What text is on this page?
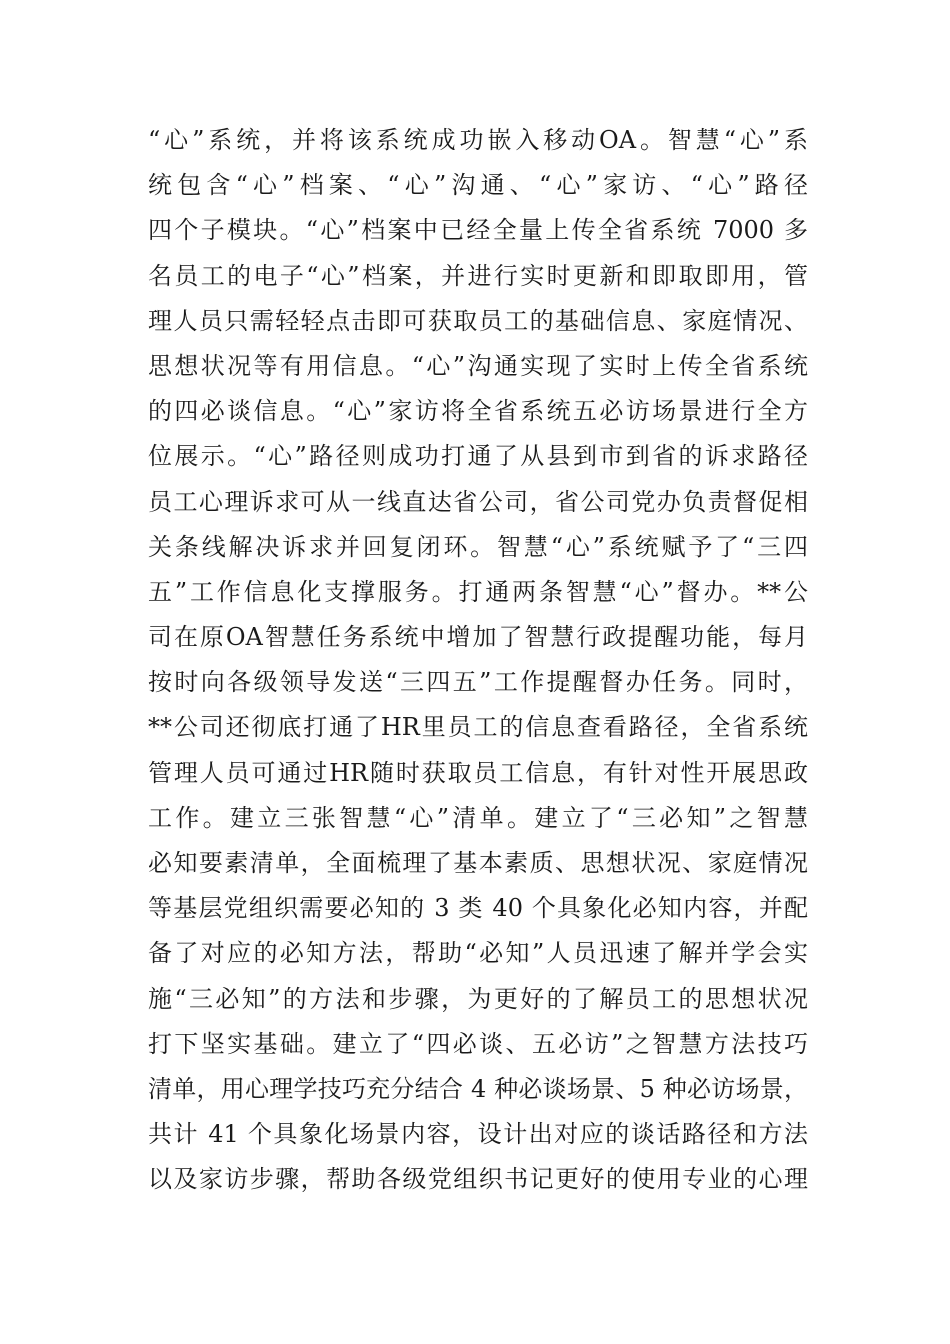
“心”系统，并将该系统成功嵌入移动OA。智慧“心”系
统包含“心”档案、“心”沟通、“心”家访、“心”路径
四个子模块。“心”档案中已经全量上传全省系统 7000 多
名员工的电子“心”档案，并进行实时更新和即取即用，管
理人员只需轻轻点击即可获取员工的基础信息、家庭情况、
思想状况等有用信息。“心”沟通实现了实时上传全省系统
的四必谈信息。“心”家访将全省系统五必访场景进行全方
位展示。“心”路径则成功打通了从县到市到省的诉求路径
员工心理诉求可从一线直达省公司，省公司党办负责督促相
关条线解决诉求并回复闭环。智慧“心”系统赋予了“三四
五”工作信息化支撑服务。打通两条智慧“心”督办。**公
司在原OA智慧任务系统中增加了智慧行政提醒功能，每月
按时向各级领导发送“三四五”工作提醒督办任务。同时，
**公司还彻底打通了HR里员工的信息查看路径，全省系统
管理人员可通过HR随时获取员工信息，有针对性开展思政
工作。建立三张智慧“心”清单。建立了“三必知”之智慧
必知要素清单，全面梳理了基本素质、思想状况、家庭情况
等基层党组织需要必知的 3 类 40 个具象化必知内容，并配
备了对应的必知方法，帮助“必知”人员迅速了解并学会实
施“三必知”的方法和步骤，为更好的了解员工的思想状况
打下坚实基础。建立了“四必谈、五必访”之智慧方法技巧
清单，用心理学技巧充分结合 4 种必谈场景、5 种必访场景，
共计 41 个具象化场景内容，设计出对应的谈话路径和方法
以及家访步骤，帮助各级党组织书记更好的使用专业的心理
